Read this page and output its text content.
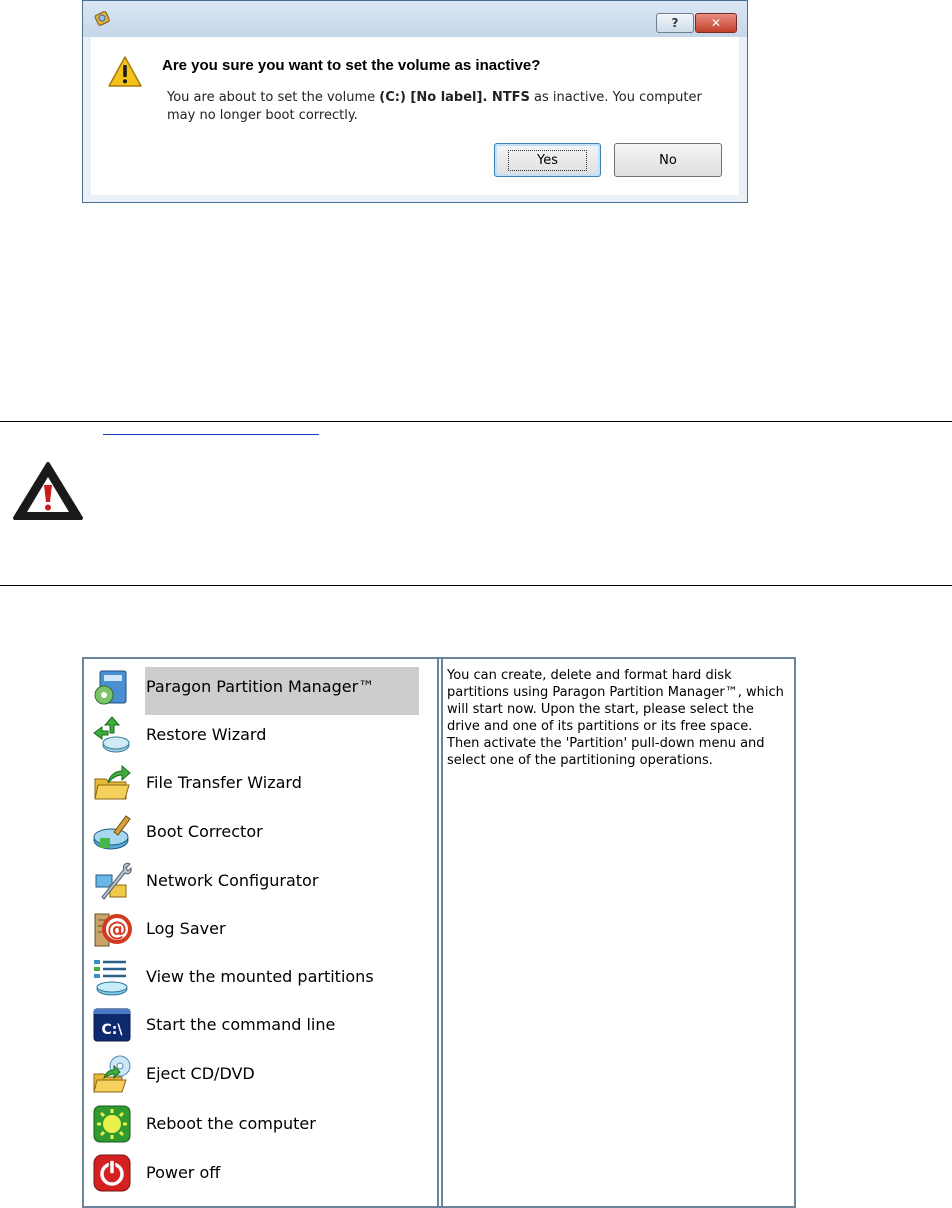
?	✕
Are you sure you want to set the volume as inactive?
You are about to set the volume (C:) [No label]. NTFS as inactive. You computer may no longer boot correctly.
Yes	No
Paragon Partition Manager™
Restore Wizard
File Transfer Wizard
Boot Corrector
Network Configurator
@ Log Saver
View the mounted partitions
C:\ Start the command line
Eject CD/DVD
Reboot the computer
Power off
You can create, delete and format hard disk partitions using Paragon Partition Manager™, which will start now. Upon the start, please select the drive and one of its partitions or its free space. Then activate the 'Partition' pull-down menu and select one of the partitioning operations.
